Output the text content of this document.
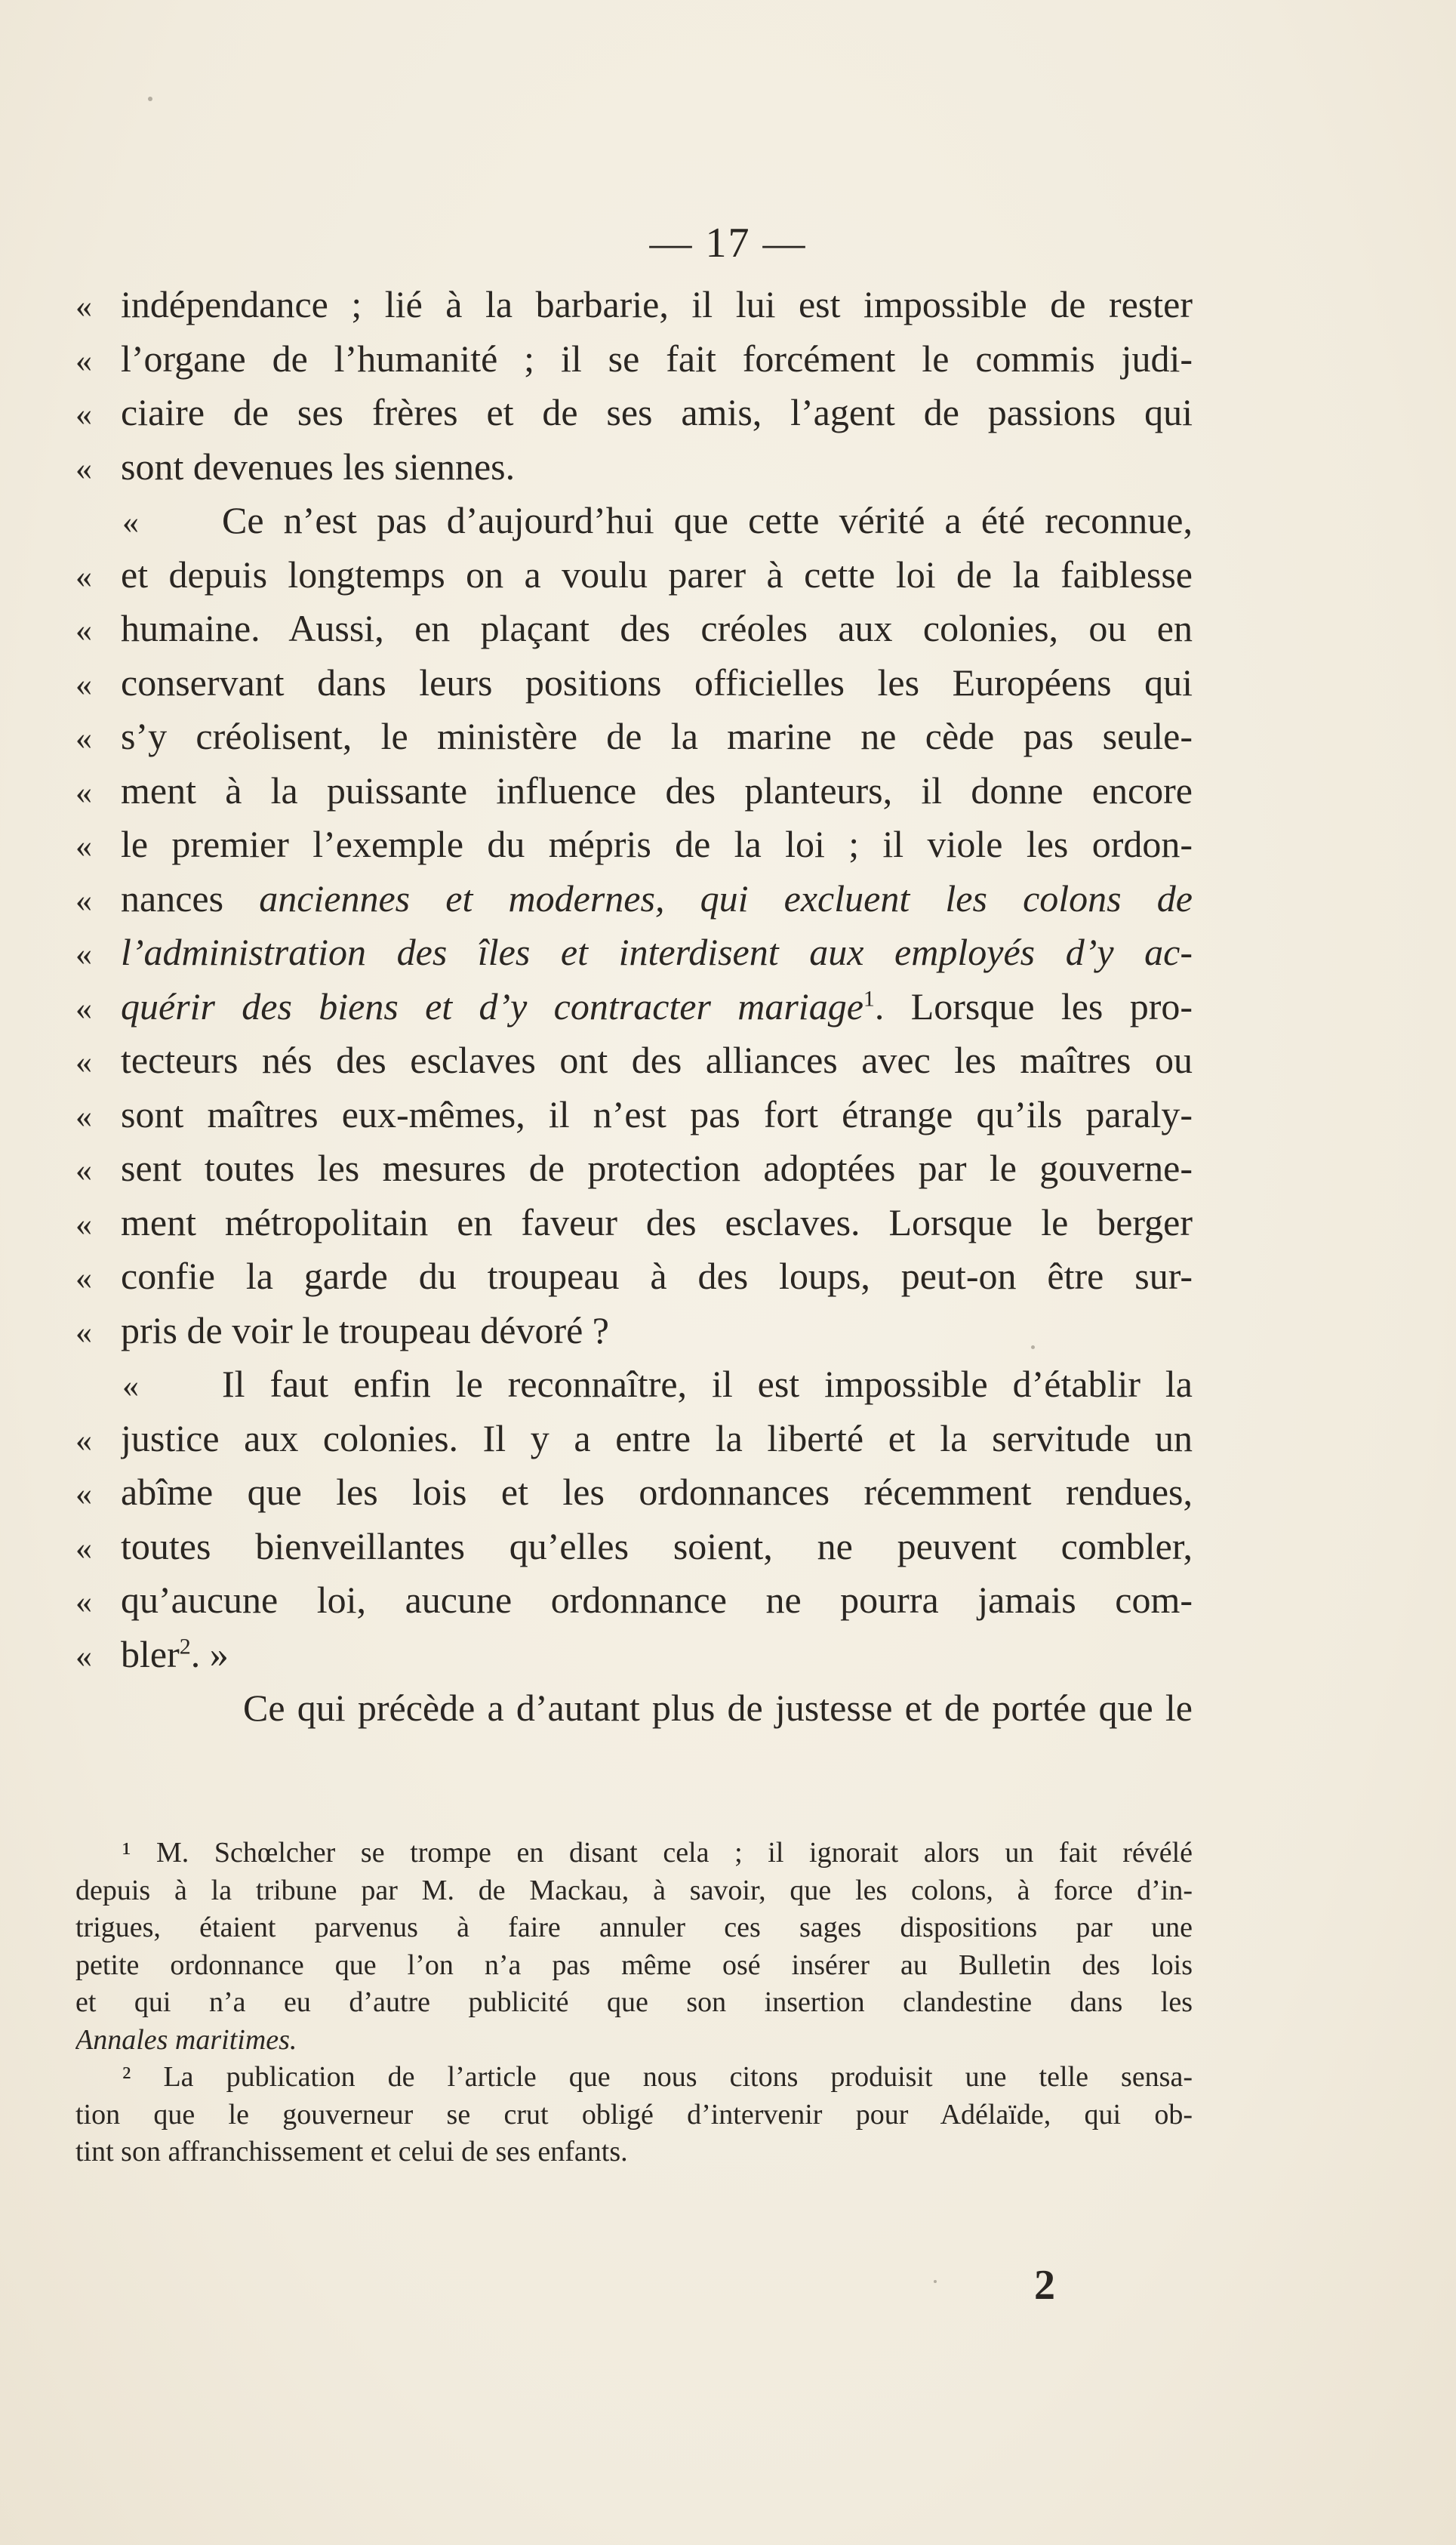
— 17 —
« indépendance ; lié à la barbarie, il lui est impossible de rester
« l’organe de l’humanité ; il se fait forcément le commis judi-
« ciaire de ses frères et de ses amis, l’agent de passions qui
« sont devenues les siennes.
«	Ce n’est pas d’aujourd’hui que cette vérité a été reconnue,
« et depuis longtemps on a voulu parer à cette loi de la faiblesse
« humaine. Aussi, en plaçant des créoles aux colonies, ou en
« conservant dans leurs positions officielles les Européens qui
« s’y créolisent, le ministère de la marine ne cède pas seule-
« ment à la puissante influence des planteurs, il donne encore
« le premier l’exemple du mépris de la loi ; il viole les ordon-
« nances anciennes et modernes, qui excluent les colons de
« l’administration des îles et interdisent aux employés d’y ac-
« quérir des biens et d’y contracter mariage$^1$. Lorsque les pro-
« tecteurs nés des esclaves ont des alliances avec les maîtres ou
« sont maîtres eux-mêmes, il n’est pas fort étrange qu’ils paraly-
« sent toutes les mesures de protection adoptées par le gouverne-
« ment métropolitain en faveur des esclaves. Lorsque le berger
« confie la garde du troupeau à des loups, peut-on être sur-
« pris de voir le troupeau dévoré ?
«	Il faut enfin le reconnaître, il est impossible d’établir la
« justice aux colonies. Il y a entre la liberté et la servitude un
« abîme que les lois et les ordonnances récemment rendues,
« toutes bienveillantes qu’elles soient, ne peuvent combler,
« qu’aucune loi, aucune ordonnance ne pourra jamais com-
« bler$^2$. »
Ce qui précède a d’autant plus de justesse et de portée que le
¹ M. Schœlcher se trompe en disant cela ; il ignorait alors un fait révélé
depuis à la tribune par M. de Mackau, à savoir, que les colons, à force d’in-
trigues, étaient parvenus à faire annuler ces sages dispositions par une
petite ordonnance que l’on n’a pas même osé insérer au Bulletin des lois
et qui n’a eu d’autre publicité que son insertion clandestine dans les
Annales maritimes.
² La publication de l’article que nous citons produisit une telle sensa-
tion que le gouverneur se crut obligé d’intervenir pour Adélaïde, qui ob-
tint son affranchissement et celui de ses enfants.
2
